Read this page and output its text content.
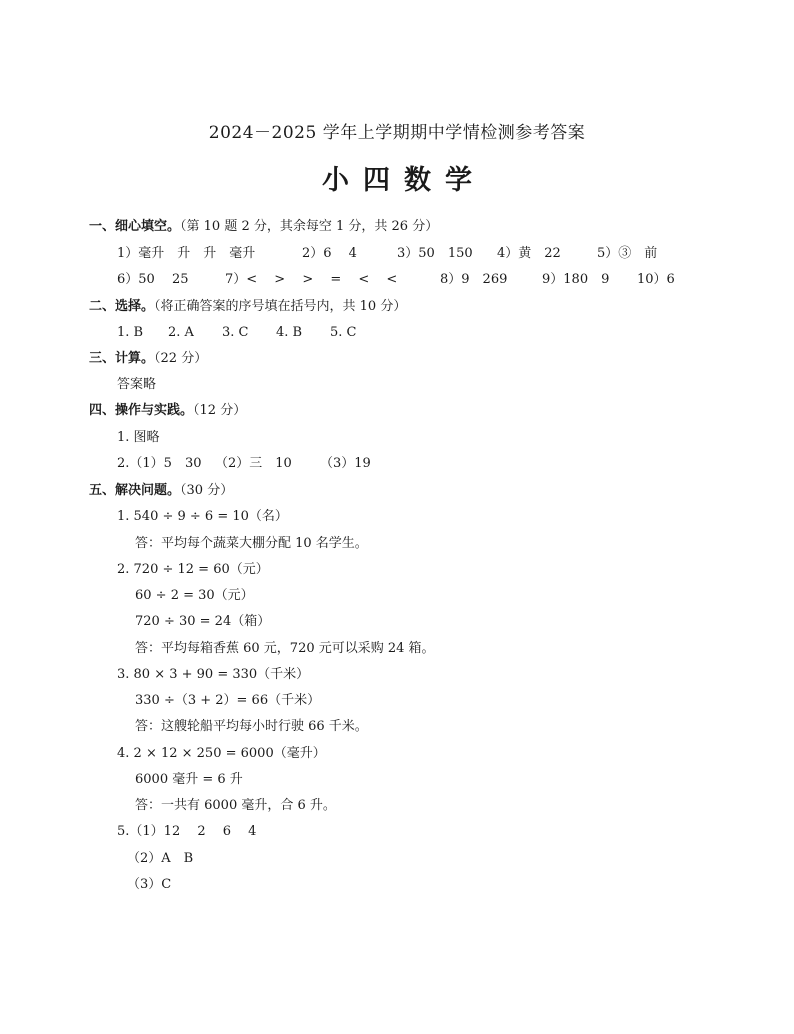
2024－2025 学年上学期期中学情检测参考答案
小四数学
一、细心填空。（第 10 题 2 分，其余每空 1 分，共 26 分）
1）毫升　升　升　毫升	2）6　 4	3）50　150 4）黄　22	5）③　前
6）50　 25	7）<　 >　 >　 =　 <　 <	8）9　269	9）180　9 10）6
二、选择。（将正确答案的序号填在括号内，共 10 分）
1. B 2. A 3. C 4. B 5. C
三、计算。（22 分）
答案略
四、操作与实践。（12 分）
1. 图略
2.（1）5　30 （2）三　10 （3）19
五、解决问题。（30 分）
1. 540 ÷ 9 ÷ 6 = 10（名）
答：平均每个蔬菜大棚分配 10 名学生。
2. 720 ÷ 12 = 60（元）
60 ÷ 2 = 30（元）
720 ÷ 30 = 24（箱）
答：平均每箱香蕉 60 元，720 元可以采购 24 箱。
3. 80 × 3 + 90 = 330（千米）
330 ÷（3 + 2）= 66（千米）
答：这艘轮船平均每小时行驶 66 千米。
4. 2 × 12 × 250 = 6000（毫升）
6000 毫升 = 6 升
答：一共有 6000 毫升，合 6 升。
5.（1）12　 2　 6　 4
（2）A　B
（3）C
